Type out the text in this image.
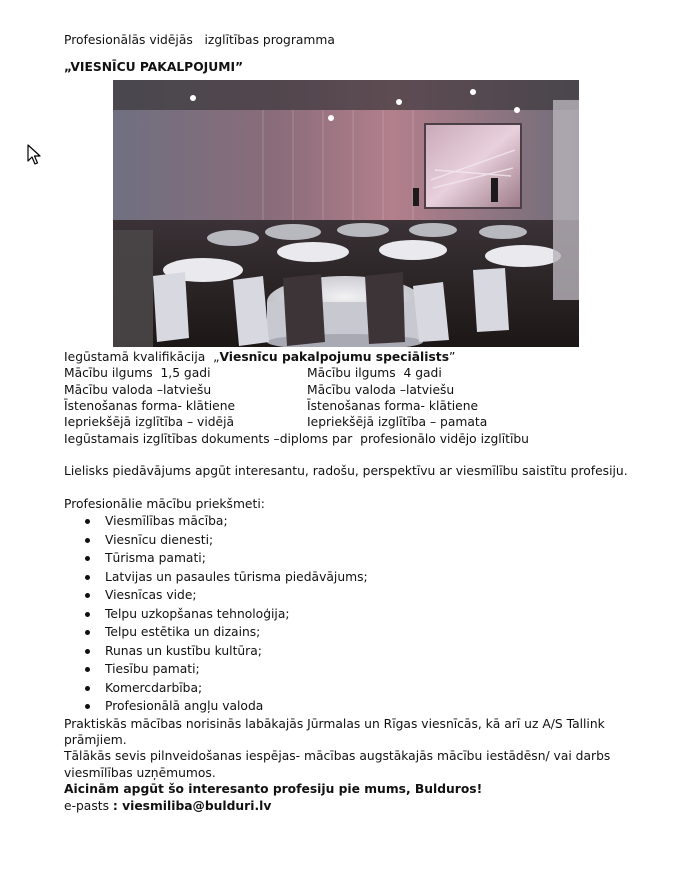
Profesionālās vidējās   izglītības programma
„VIESNĪCU PAKALPOJUMI”
Iegūstamā kvalifikācija  „Viesnīcu pakalpojumu speciālists”
Mācību ilgums  1,5 gadi
Mācību valoda –latviešu
Īstenošanas forma- klātiene
Iepriekšējā izglītība – vidējā
Mācību ilgums  4 gadi
Mācību valoda –latviešu
Īstenošanas forma- klātiene
Iepriekšējā izglītība – pamata
Iegūstamais izglītības dokuments –diploms par  profesionālo vidējo izglītību
Lielisks piedāvājums apgūt interesantu, radošu, perspektīvu ar viesmīlību saistītu profesiju.
Profesionālie mācību priekšmeti:
Viesmīlības mācība;
Viesnīcu dienesti;
Tūrisma pamati;
Latvijas un pasaules tūrisma piedāvājums;
Viesnīcas vide;
Telpu uzkopšanas tehnoloģija;
Telpu estētika un dizains;
Runas un kustību kultūra;
Tiesību pamati;
Komercdarbība;
Profesionālā angļu valoda
Praktiskās mācības norisinās labākajās Jūrmalas un Rīgas viesnīcās, kā arī uz A/S Tallink prāmjiem.
Tālākās sevis pilnveidošanas iespējas- mācības augstākajās mācību iestādēsn/ vai darbs viesmīlības uzņēmumos.
Aicinām apgūt šo interesanto profesiju pie mums, Bulduros!
e-pasts : viesmiliba@bulduri.lv
